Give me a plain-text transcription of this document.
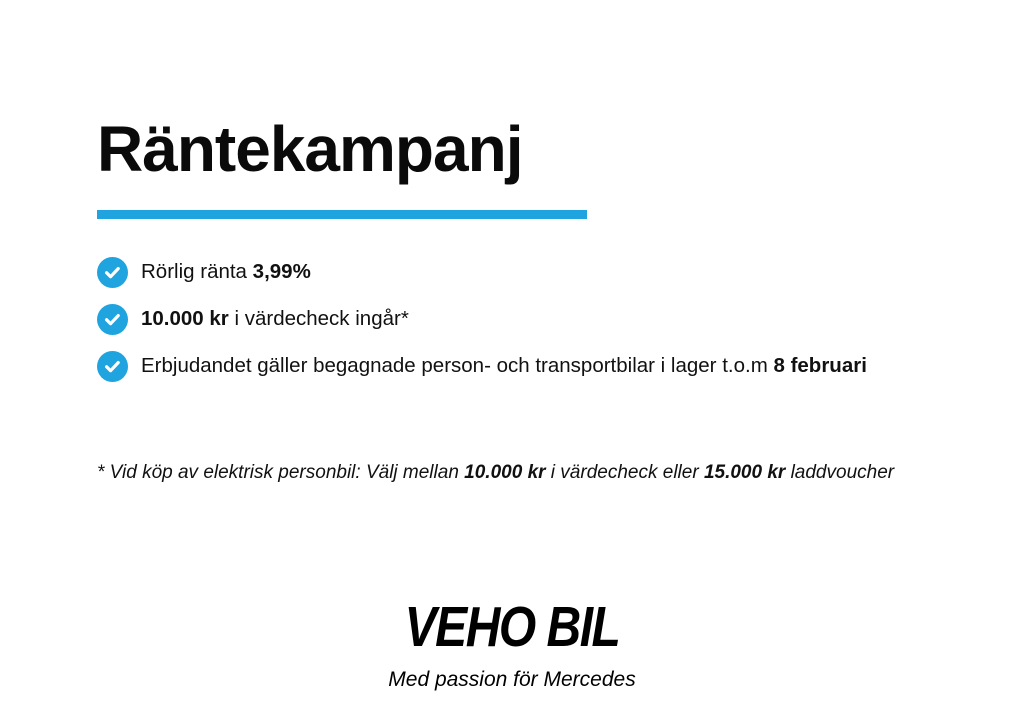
Räntekampanj
Rörlig ränta 3,99%
10.000 kr i värdecheck ingår*
Erbjudandet gäller begagnade person- och transportbilar i lager t.o.m 8 februari
* Vid köp av elektrisk personbil: Välj mellan 10.000 kr i värdecheck eller 15.000 kr laddvoucher
VEHO BIL
Med passion för Mercedes
